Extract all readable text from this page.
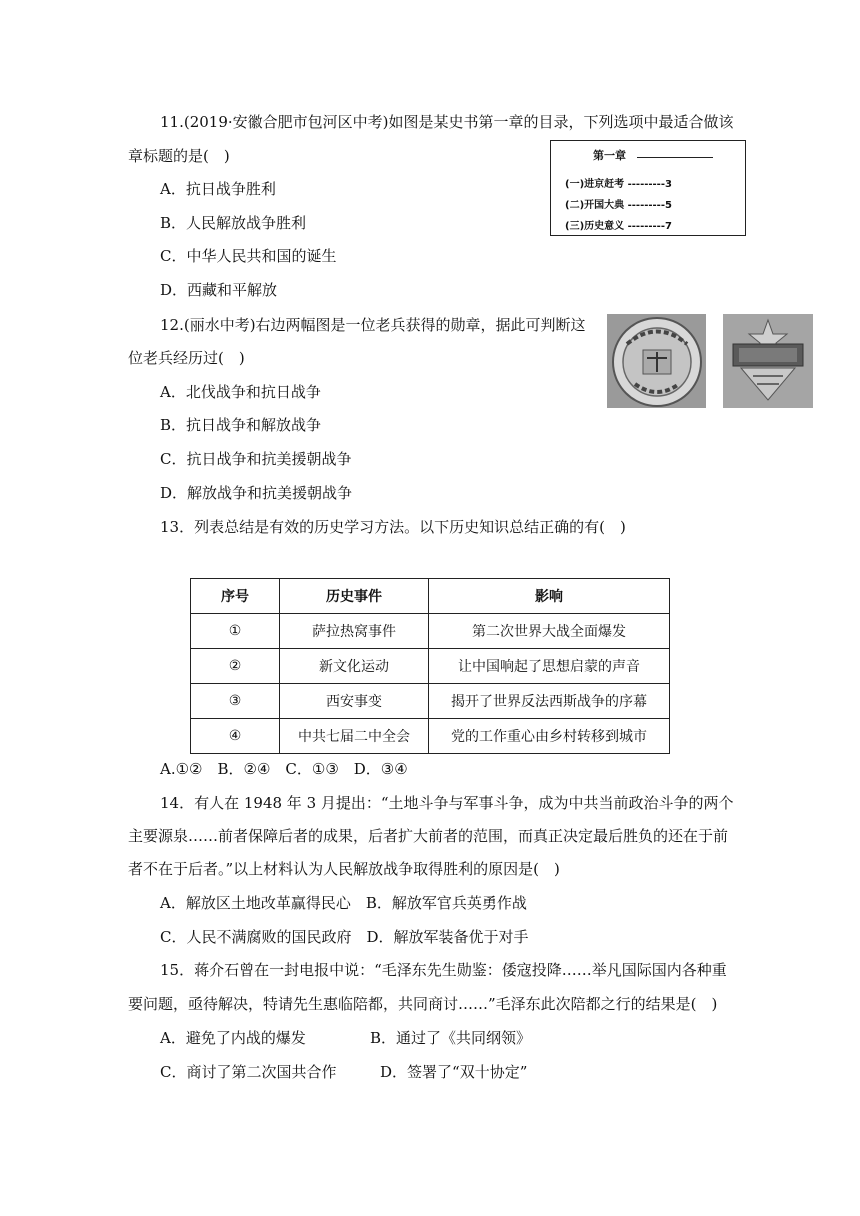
11.(2019·安徽合肥市包河区中考)如图是某史书第一章的目录，下列选项中最适合做该
章标题的是(　)
A．抗日战争胜利
B．人民解放战争胜利
C．中华人民共和国的诞生
D．西藏和平解放
第一章
(一)进京赶考 ---------3
(二)开国大典 ---------5
(三)历史意义 ---------7
12.(丽水中考)右边两幅图是一位老兵获得的勋章，据此可判断这
位老兵经历过(　)
A．北伐战争和抗日战争
B．抗日战争和解放战争
C．抗日战争和抗美援朝战争
D．解放战争和抗美援朝战争
13．列表总结是有效的历史学习方法。以下历史知识总结正确的有(　)
序号	历史事件	影响
①	萨拉热窝事件	第二次世界大战全面爆发
②	新文化运动	让中国响起了思想启蒙的声音
③	西安事变	揭开了世界反法西斯战争的序幕
④	中共七届二中全会	党的工作重心由乡村转移到城市
A.①②　B．②④　C．①③　D．③④
14．有人在 1948 年 3 月提出：“土地斗争与军事斗争，成为中共当前政治斗争的两个
主要源泉……前者保障后者的成果，后者扩大前者的范围，而真正决定最后胜负的还在于前
者不在于后者。”以上材料认为人民解放战争取得胜利的原因是(　)
A．解放区土地改革赢得民心　B．解放军官兵英勇作战
C．人民不满腐败的国民政府　D．解放军装备优于对手
15．蒋介石曾在一封电报中说：“毛泽东先生勋鉴：倭寇投降……举凡国际国内各种重
要问题，亟待解决，特请先生惠临陪都，共同商讨……”毛泽东此次陪都之行的结果是(　)
A．避免了内战的爆发	B．通过了《共同纲领》
C．商讨了第二次国共合作	D．签署了“双十协定”
